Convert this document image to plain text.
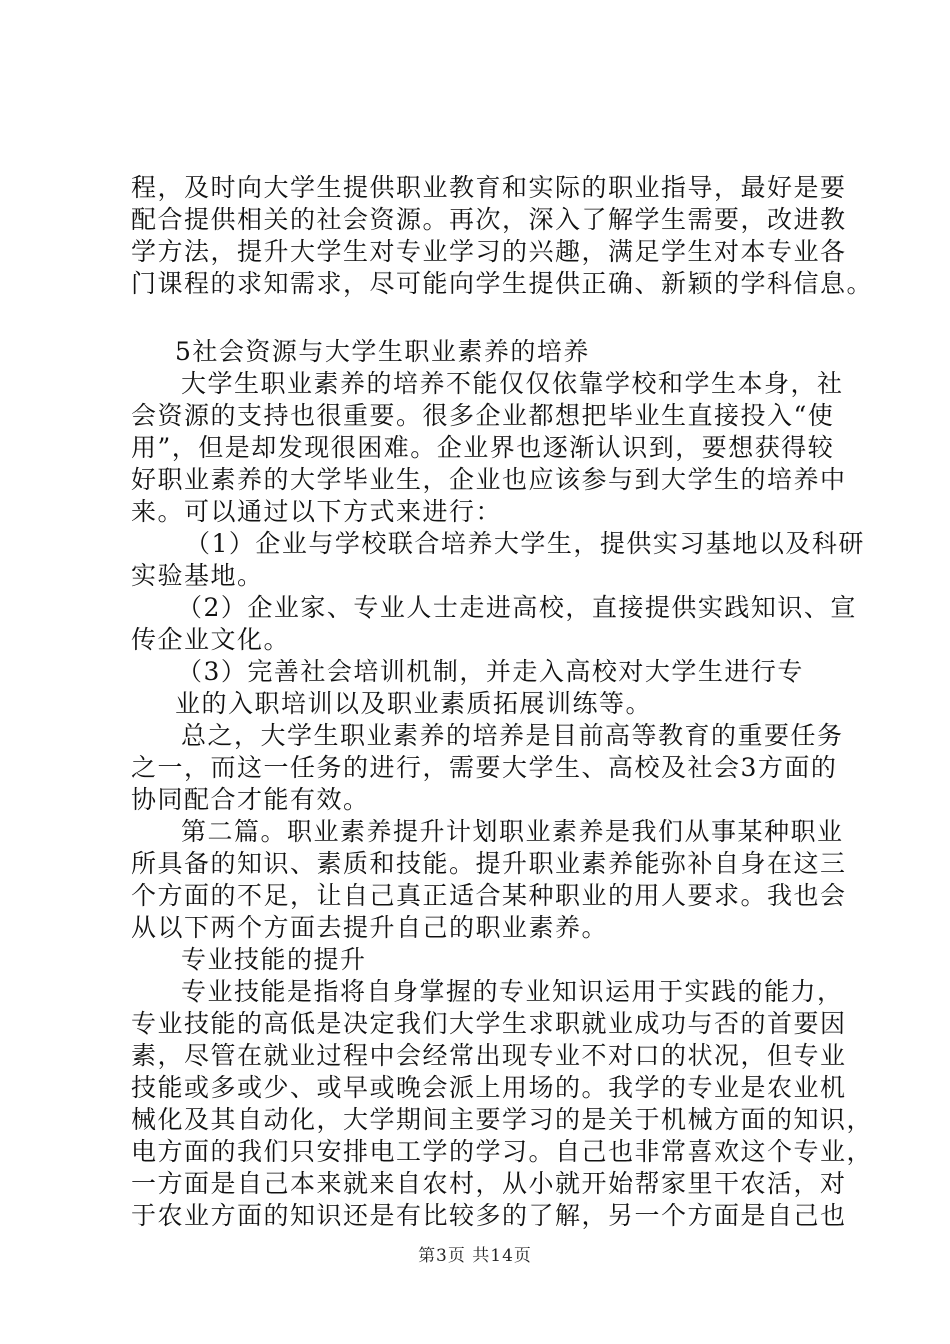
程，及时向大学生提供职业教育和实际的职业指导，最好是要
配合提供相关的社会资源。再次，深入了解学生需要，改进教
学方法，提升大学生对专业学习的兴趣，满足学生对本专业各
门课程的求知需求，尽可能向学生提供正确、新颖的学科信息。
5社会资源与大学生职业素养的培养
大学生职业素养的培养不能仅仅依靠学校和学生本身，社
会资源的支持也很重要。很多企业都想把毕业生直接投入“使
用”，但是却发现很困难。企业界也逐渐认识到，要想获得较
好职业素养的大学毕业生，企业也应该参与到大学生的培养中
来。可以通过以下方式来进行：
（1）企业与学校联合培养大学生，提供实习基地以及科研
实验基地。
（2）企业家、专业人士走进高校，直接提供实践知识、宣
传企业文化。
（3）完善社会培训机制，并走入高校对大学生进行专
业的入职培训以及职业素质拓展训练等。
总之，大学生职业素养的培养是目前高等教育的重要任务
之一，而这一任务的进行，需要大学生、高校及社会3方面的
协同配合才能有效。
第二篇。职业素养提升计划职业素养是我们从事某种职业
所具备的知识、素质和技能。提升职业素养能弥补自身在这三
个方面的不足，让自己真正适合某种职业的用人要求。我也会
从以下两个方面去提升自己的职业素养。
专业技能的提升
专业技能是指将自身掌握的专业知识运用于实践的能力，
专业技能的高低是决定我们大学生求职就业成功与否的首要因
素，尽管在就业过程中会经常出现专业不对口的状况，但专业
技能或多或少、或早或晚会派上用场的。我学的专业是农业机
械化及其自动化，大学期间主要学习的是关于机械方面的知识，
电方面的我们只安排电工学的学习。自己也非常喜欢这个专业，
一方面是自己本来就来自农村，从小就开始帮家里干农活，对
于农业方面的知识还是有比较多的了解，另一个方面是自己也
第3页 共14页
